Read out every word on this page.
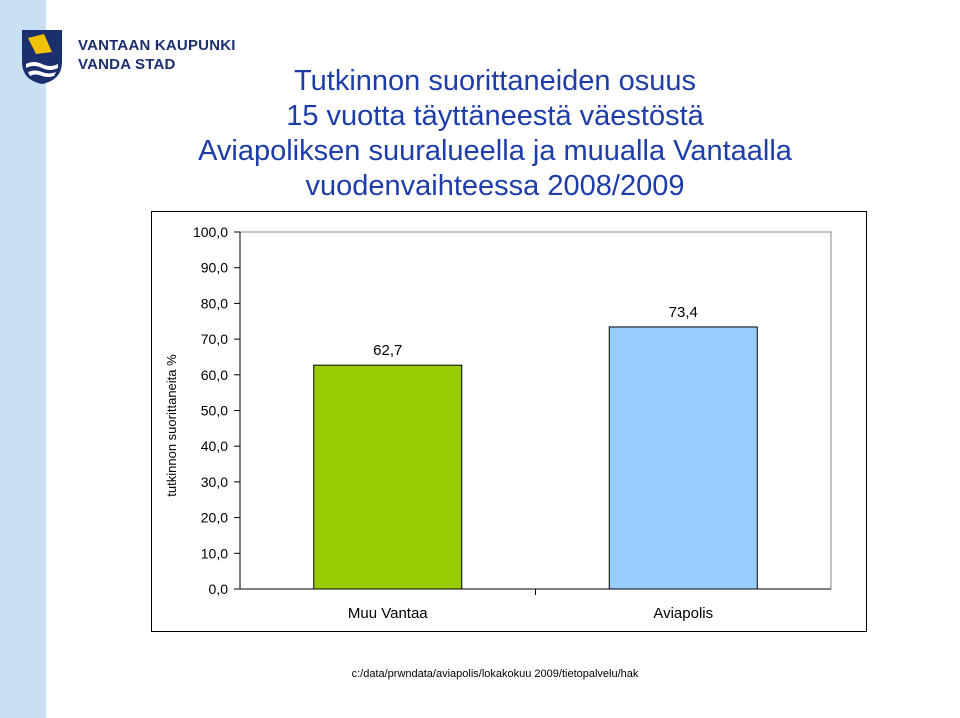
VANTAAN KAUPUNKI
VANDA STAD
Tutkinnon suorittaneiden osuus
15 vuotta täyttäneestä väestöstä
Aviapoliksen suuralueella ja muualla Vantaalla
vuodenvaihteessa 2008/2009
0,0
10,0
20,0
30,0
40,0
50,0
60,0
70,0
80,0
90,0
100,0
tutkinnon suorittaneita %
62,7
Muu Vantaa
73,4
Aviapolis
c:/data/prwndata/aviapolis/lokakokuu 2009/tietopalvelu/hak
